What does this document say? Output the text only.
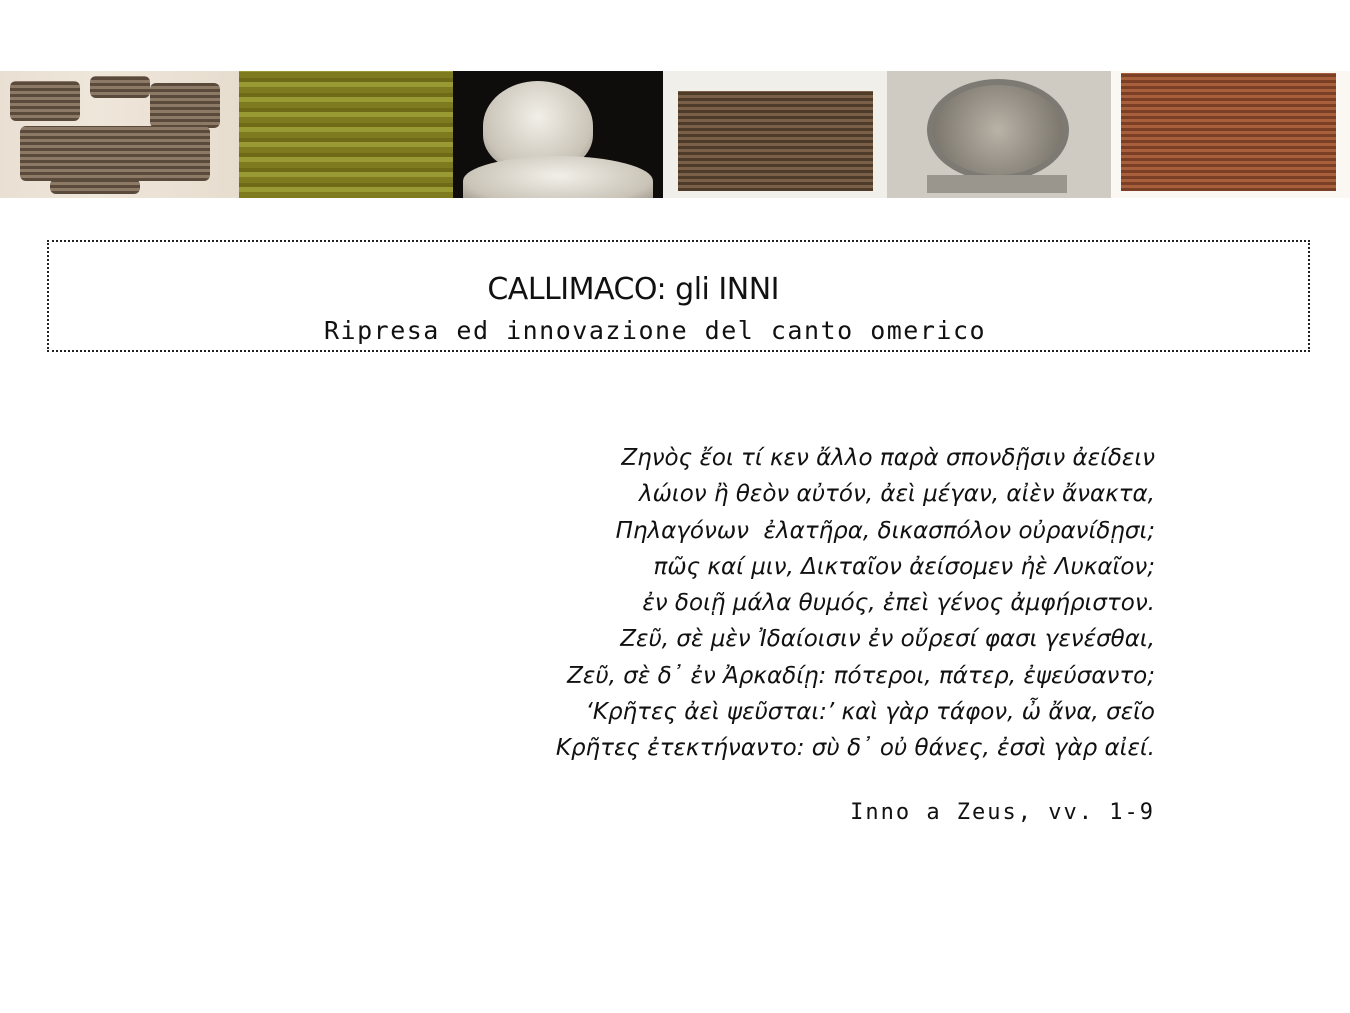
CALLIMACO: gli INNI
Ripresa ed innovazione del canto omerico
Ζηνὸς ἔοι τί κεν ἄλλο παρὰ σπονδῇσιν ἀείδειν
λώιον ἢ θεὸν αὐτόν, ἀεὶ μέγαν, αἰὲν ἄνακτα,
Πηλαγόνων  ἐλατῆρα, δικασπόλον οὐρανίδῃσι;
πῶς καί μιν, Δικταῖον ἀείσομεν ἠὲ Λυκαῖον;
ἐν δοιῇ μάλα θυμός, ἐπεὶ γένος ἀμφήριστον.
Ζεῦ, σὲ μὲν Ἰδαίοισιν ἐν οὔρεσί φασι γενέσθαι,
Ζεῦ, σὲ δ᾽ ἐν Ἀρκαδίῃ: πότεροι, πάτερ, ἐψεύσαντο;
‘Κρῆτες ἀεὶ ψεῦσται:’ καὶ γὰρ τάφον, ὦ ἄνα, σεῖο
Κρῆτες ἐτεκτήναντο: σὺ δ᾽ οὐ θάνες, ἐσσὶ γὰρ αἰεί.
Inno a Zeus, vv. 1-9
